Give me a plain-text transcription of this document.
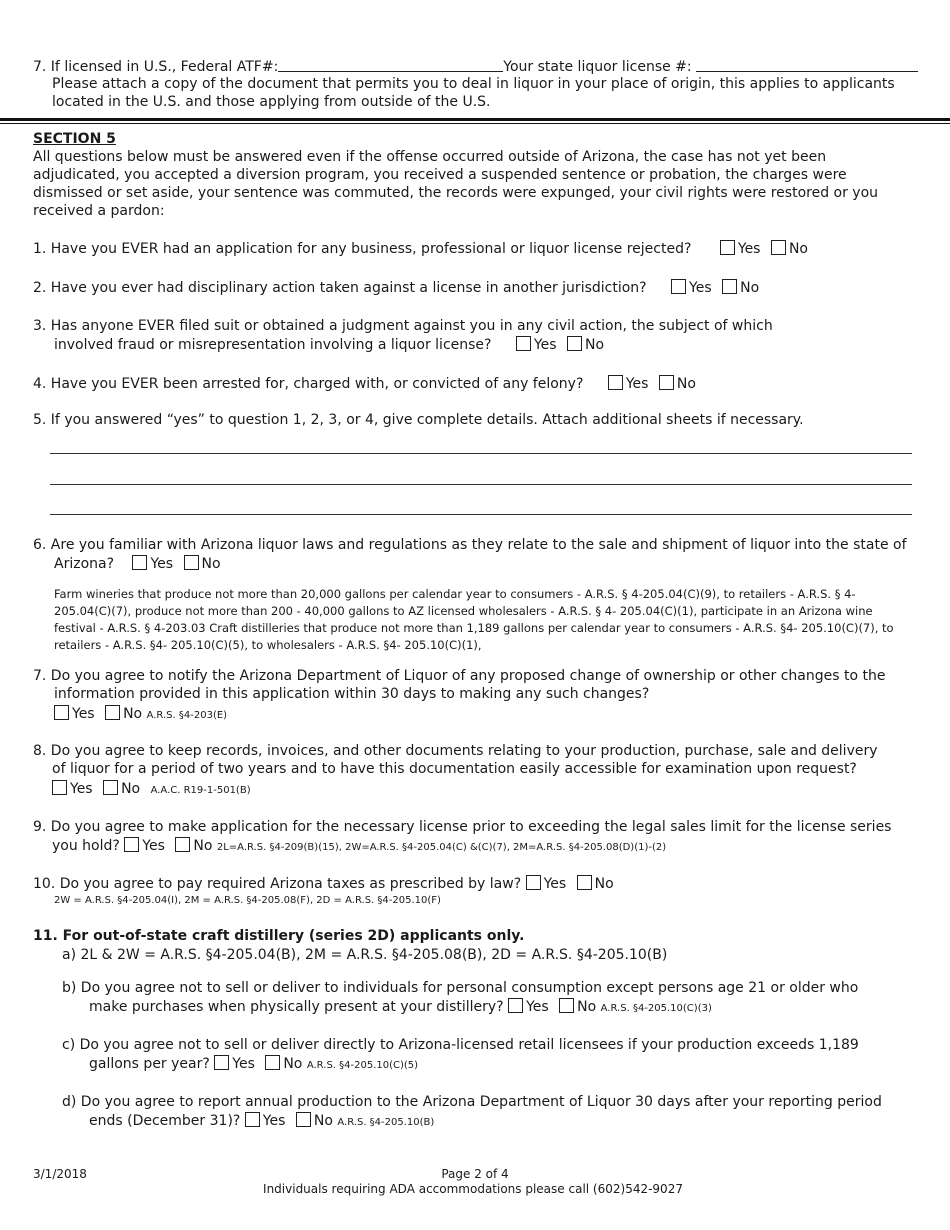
7. If licensed in U.S., Federal ATF#:	Your state liquor license #:
Please attach a copy of the document that permits you to deal in liquor in your place of origin, this applies to applicants
located in the U.S. and those applying from outside of the U.S.
SECTION 5
All questions below must be answered even if the offense occurred outside of Arizona, the case has not yet been
adjudicated, you accepted a diversion program, you received a suspended sentence or probation, the charges were
dismissed or set aside, your sentence was commuted, the records were expunged, your civil rights were restored or you
received a pardon:
1. Have you EVER had an application for any business, professional or liquor license rejected?	Yes No
2. Have you ever had disciplinary action taken against a license in another jurisdiction?	Yes No
3. Has anyone EVER filed suit or obtained a judgment against you in any civil action, the subject of which
involved fraud or misrepresentation involving a liquor license?	Yes No
4. Have you EVER been arrested for, charged with, or convicted of any felony?	Yes No
5. If you answered “yes” to question 1, 2, 3, or 4, give complete details. Attach additional sheets if necessary.
6. Are you familiar with Arizona liquor laws and regulations as they relate to the sale and shipment of liquor into the state of
Arizona?	Yes No
Farm wineries that produce not more than 20,000 gallons per calendar year to consumers - A.R.S. § 4-205.04(C)(9), to retailers - A.R.S. § 4-
205.04(C)(7), produce not more than 200 - 40,000 gallons to AZ licensed wholesalers - A.R.S. § 4- 205.04(C)(1), participate in an Arizona wine
festival - A.R.S. § 4-203.03 Craft distilleries that produce not more than 1,189 gallons per calendar year to consumers - A.R.S. §4- 205.10(C)(7), to
retailers - A.R.S. §4- 205.10(C)(5), to wholesalers - A.R.S. §4- 205.10(C)(1),
7. Do you agree to notify the Arizona Department of Liquor of any proposed change of ownership or other changes to the
information provided in this application within 30 days to making any such changes?
Yes No A.R.S. §4-203(E)
8. Do you agree to keep records, invoices, and other documents relating to your production, purchase, sale and delivery
of liquor for a period of two years and to have this documentation easily accessible for examination upon request?
Yes No A.A.C. R19-1-501(B)
9. Do you agree to make application for the necessary license prior to exceeding the legal sales limit for the license series
you hold? Yes No 2L=A.R.S. §4-209(B)(15), 2W=A.R.S. §4-205.04(C) &(C)(7), 2M=A.R.S. §4-205.08(D)(1)-(2)
10. Do you agree to pay required Arizona taxes as prescribed by law? Yes No
2W = A.R.S. §4-205.04(I), 2M = A.R.S. §4-205.08(F), 2D = A.R.S. §4-205.10(F)
11. For out-of-state craft distillery (series 2D) applicants only.
a) 2L & 2W = A.R.S. §4-205.04(B), 2M = A.R.S. §4-205.08(B), 2D = A.R.S. §4-205.10(B)
b) Do you agree not to sell or deliver to individuals for personal consumption except persons age 21 or older who
make purchases when physically present at your distillery? Yes No A.R.S. §4-205.10(C)(3)
c) Do you agree not to sell or deliver directly to Arizona-licensed retail licensees if your production exceeds 1,189
gallons per year? Yes No A.R.S. §4-205.10(C)(5)
d) Do you agree to report annual production to the Arizona Department of Liquor 30 days after your reporting period
ends (December 31)? Yes No A.R.S. §4-205.10(B)
3/1/2018	Page 2 of 4
Individuals requiring ADA accommodations please call (602)542-9027
